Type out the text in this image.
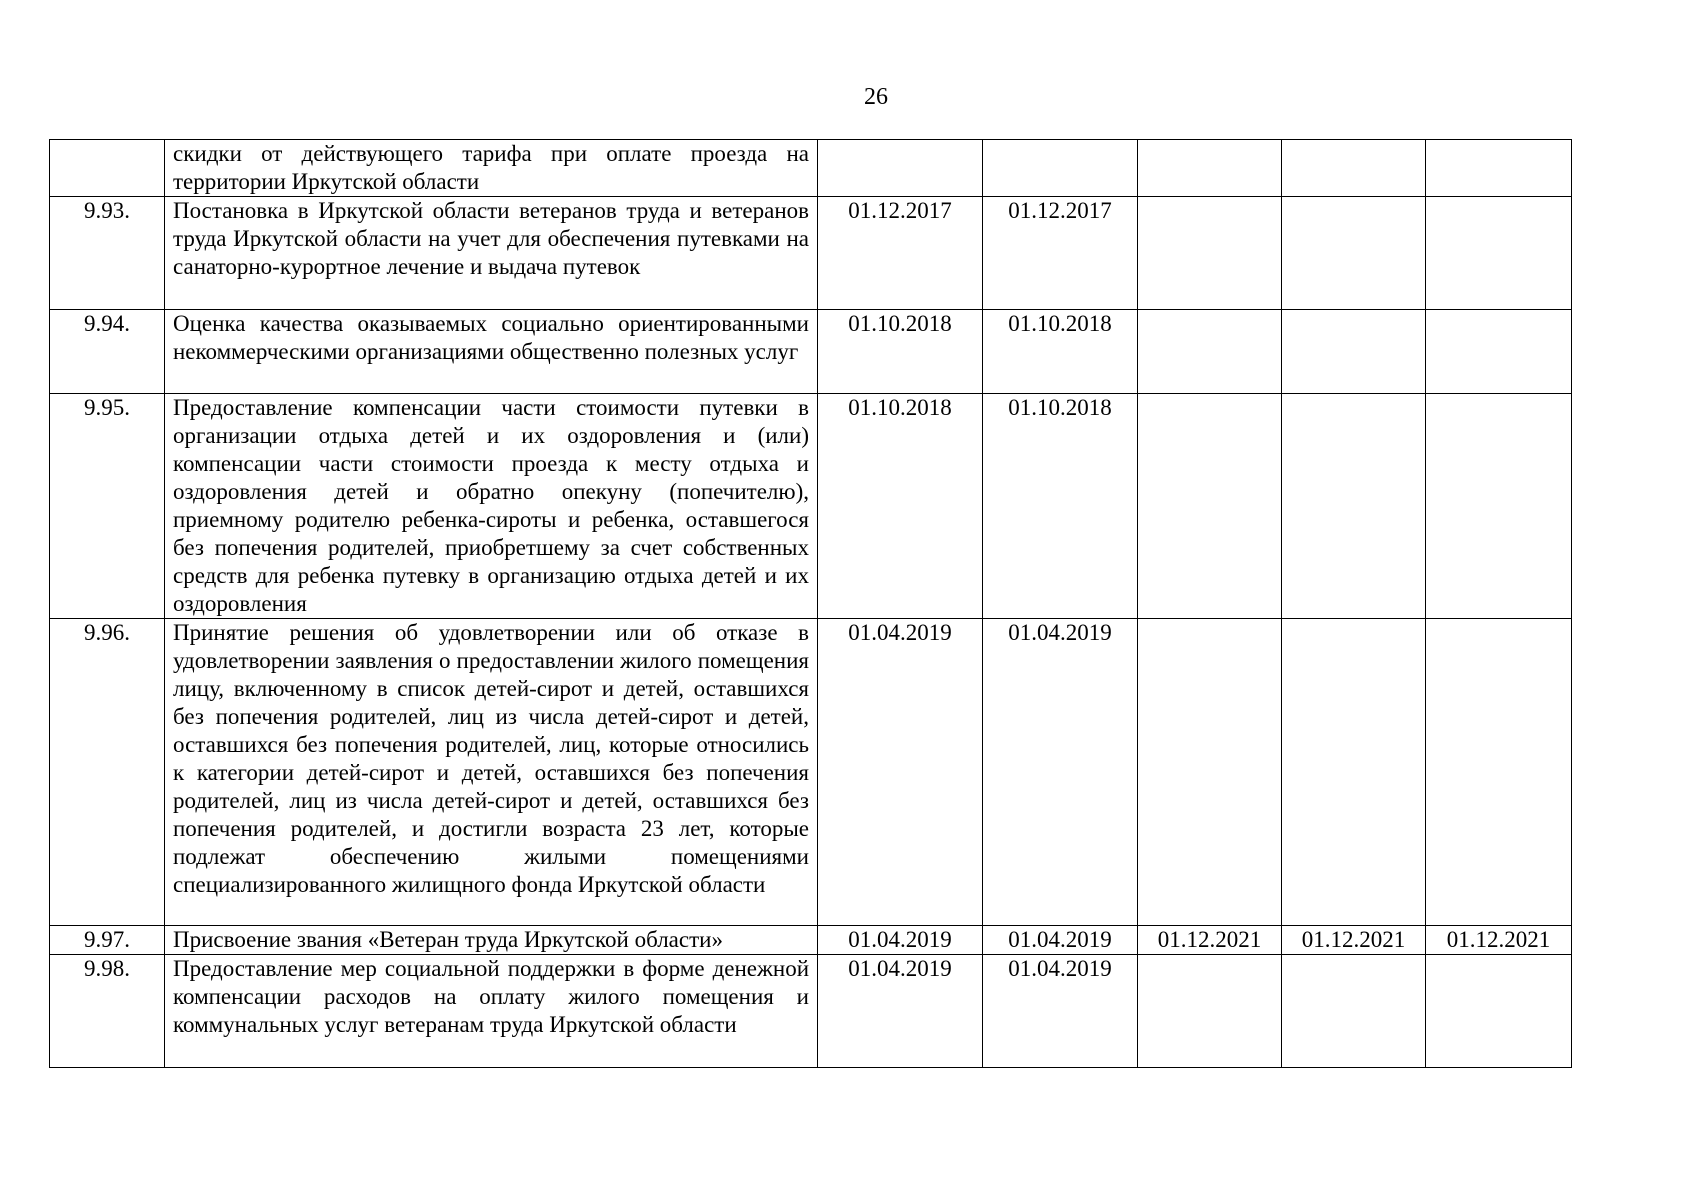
26
	скидки от действующего тарифа при оплате проезда на территории Иркутской области					
9.93.	Постановка в Иркутской области ветеранов труда и ветеранов труда Иркутской области на учет для обеспечения путевками на санаторно-курортное лечение и выдача путевок	01.12.2017	01.12.2017			
9.94.	Оценка качества оказываемых социально ориентированными некоммерческими организациями общественно полезных услуг	01.10.2018	01.10.2018			
9.95.	Предоставление компенсации части стоимости путевки в организации отдыха детей и их оздоровления и (или) компенсации части стоимости проезда к месту отдыха и оздоровления детей и обратно опекуну (попечителю), приемному родителю ребенка-сироты и ребенка, оставшегося без попечения родителей, приобретшему за счет собственных средств для ребенка путевку в организацию отдыха детей и их оздоровления	01.10.2018	01.10.2018			
9.96.	Принятие решения об удовлетворении или об отказе в удовлетворении заявления о предоставлении жилого помещения лицу, включенному в список детей-сирот и детей, оставшихся без попечения родителей, лиц из числа детей-сирот и детей, оставшихся без попечения родителей, лиц, которые относились к категории детей-сирот и детей, оставшихся без попечения родителей, лиц из числа детей-сирот и детей, оставшихся без попечения родителей, и достигли возраста 23 лет, которые подлежат обеспечению жилыми помещениями специализированного жилищного фонда Иркутской области	01.04.2019	01.04.2019			
9.97.	Присвоение звания «Ветеран труда Иркутской области»	01.04.2019	01.04.2019	01.12.2021	01.12.2021	01.12.2021
9.98.	Предоставление мер социальной поддержки в форме денежной компенсации расходов на оплату жилого помещения и коммунальных услуг ветеранам труда Иркутской области	01.04.2019	01.04.2019			
